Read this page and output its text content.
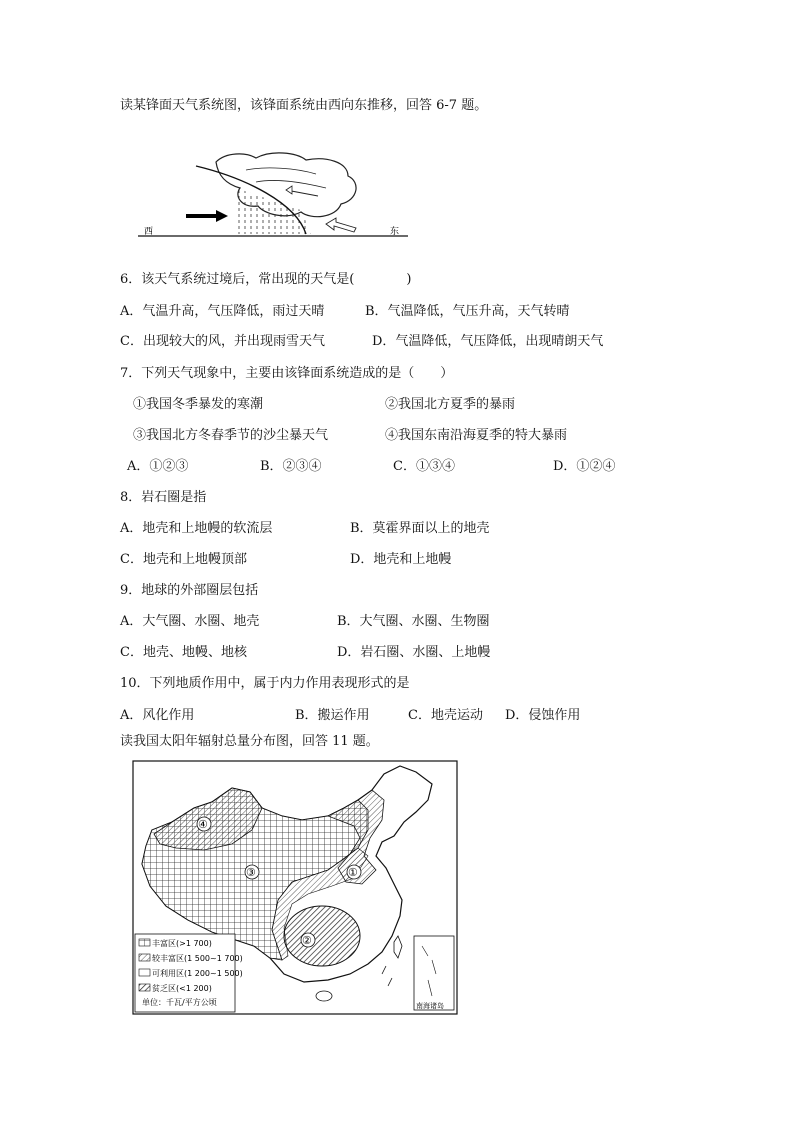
读某锋面天气系统图，该锋面系统由西向东推移，回答 6-7 题。
西	东
6．该天气系统过境后，常出现的天气是(　　　　)
A．气温升高，气压降低，雨过天晴	B．气温降低，气压升高，天气转晴
C．出现较大的风，并出现雨雪天气	D．气温降低，气压降低，出现晴朗天气
7．下列天气现象中，主要由该锋面系统造成的是（　　）
①我国冬季暴发的寒潮	②我国北方夏季的暴雨
③我国北方冬春季节的沙尘暴天气	④我国东南沿海夏季的特大暴雨
A．①②③	B．②③④	C．①③④	D．①②④
8．岩石圈是指
A．地壳和上地幔的软流层	B．莫霍界面以上的地壳
C．地壳和上地幔顶部	D．地壳和上地幔
9．地球的外部圈层包括
A．大气圈、水圈、地壳	B．大气圈、水圈、生物圈
C．地壳、地幔、地核	D．岩石圈、水圈、上地幔
10．下列地质作用中，属于内力作用表现形式的是
A．风化作用	B．搬运作用	C．地壳运动 D．侵蚀作用
读我国太阳年辐射总量分布图，回答 11 题。
南海诸岛
④
③	①
②
丰富区(>1 700)
较丰富区(1 500~1 700)
可利用区(1 200~1 500)
贫乏区(<1 200)
单位：千瓦/平方公顷
